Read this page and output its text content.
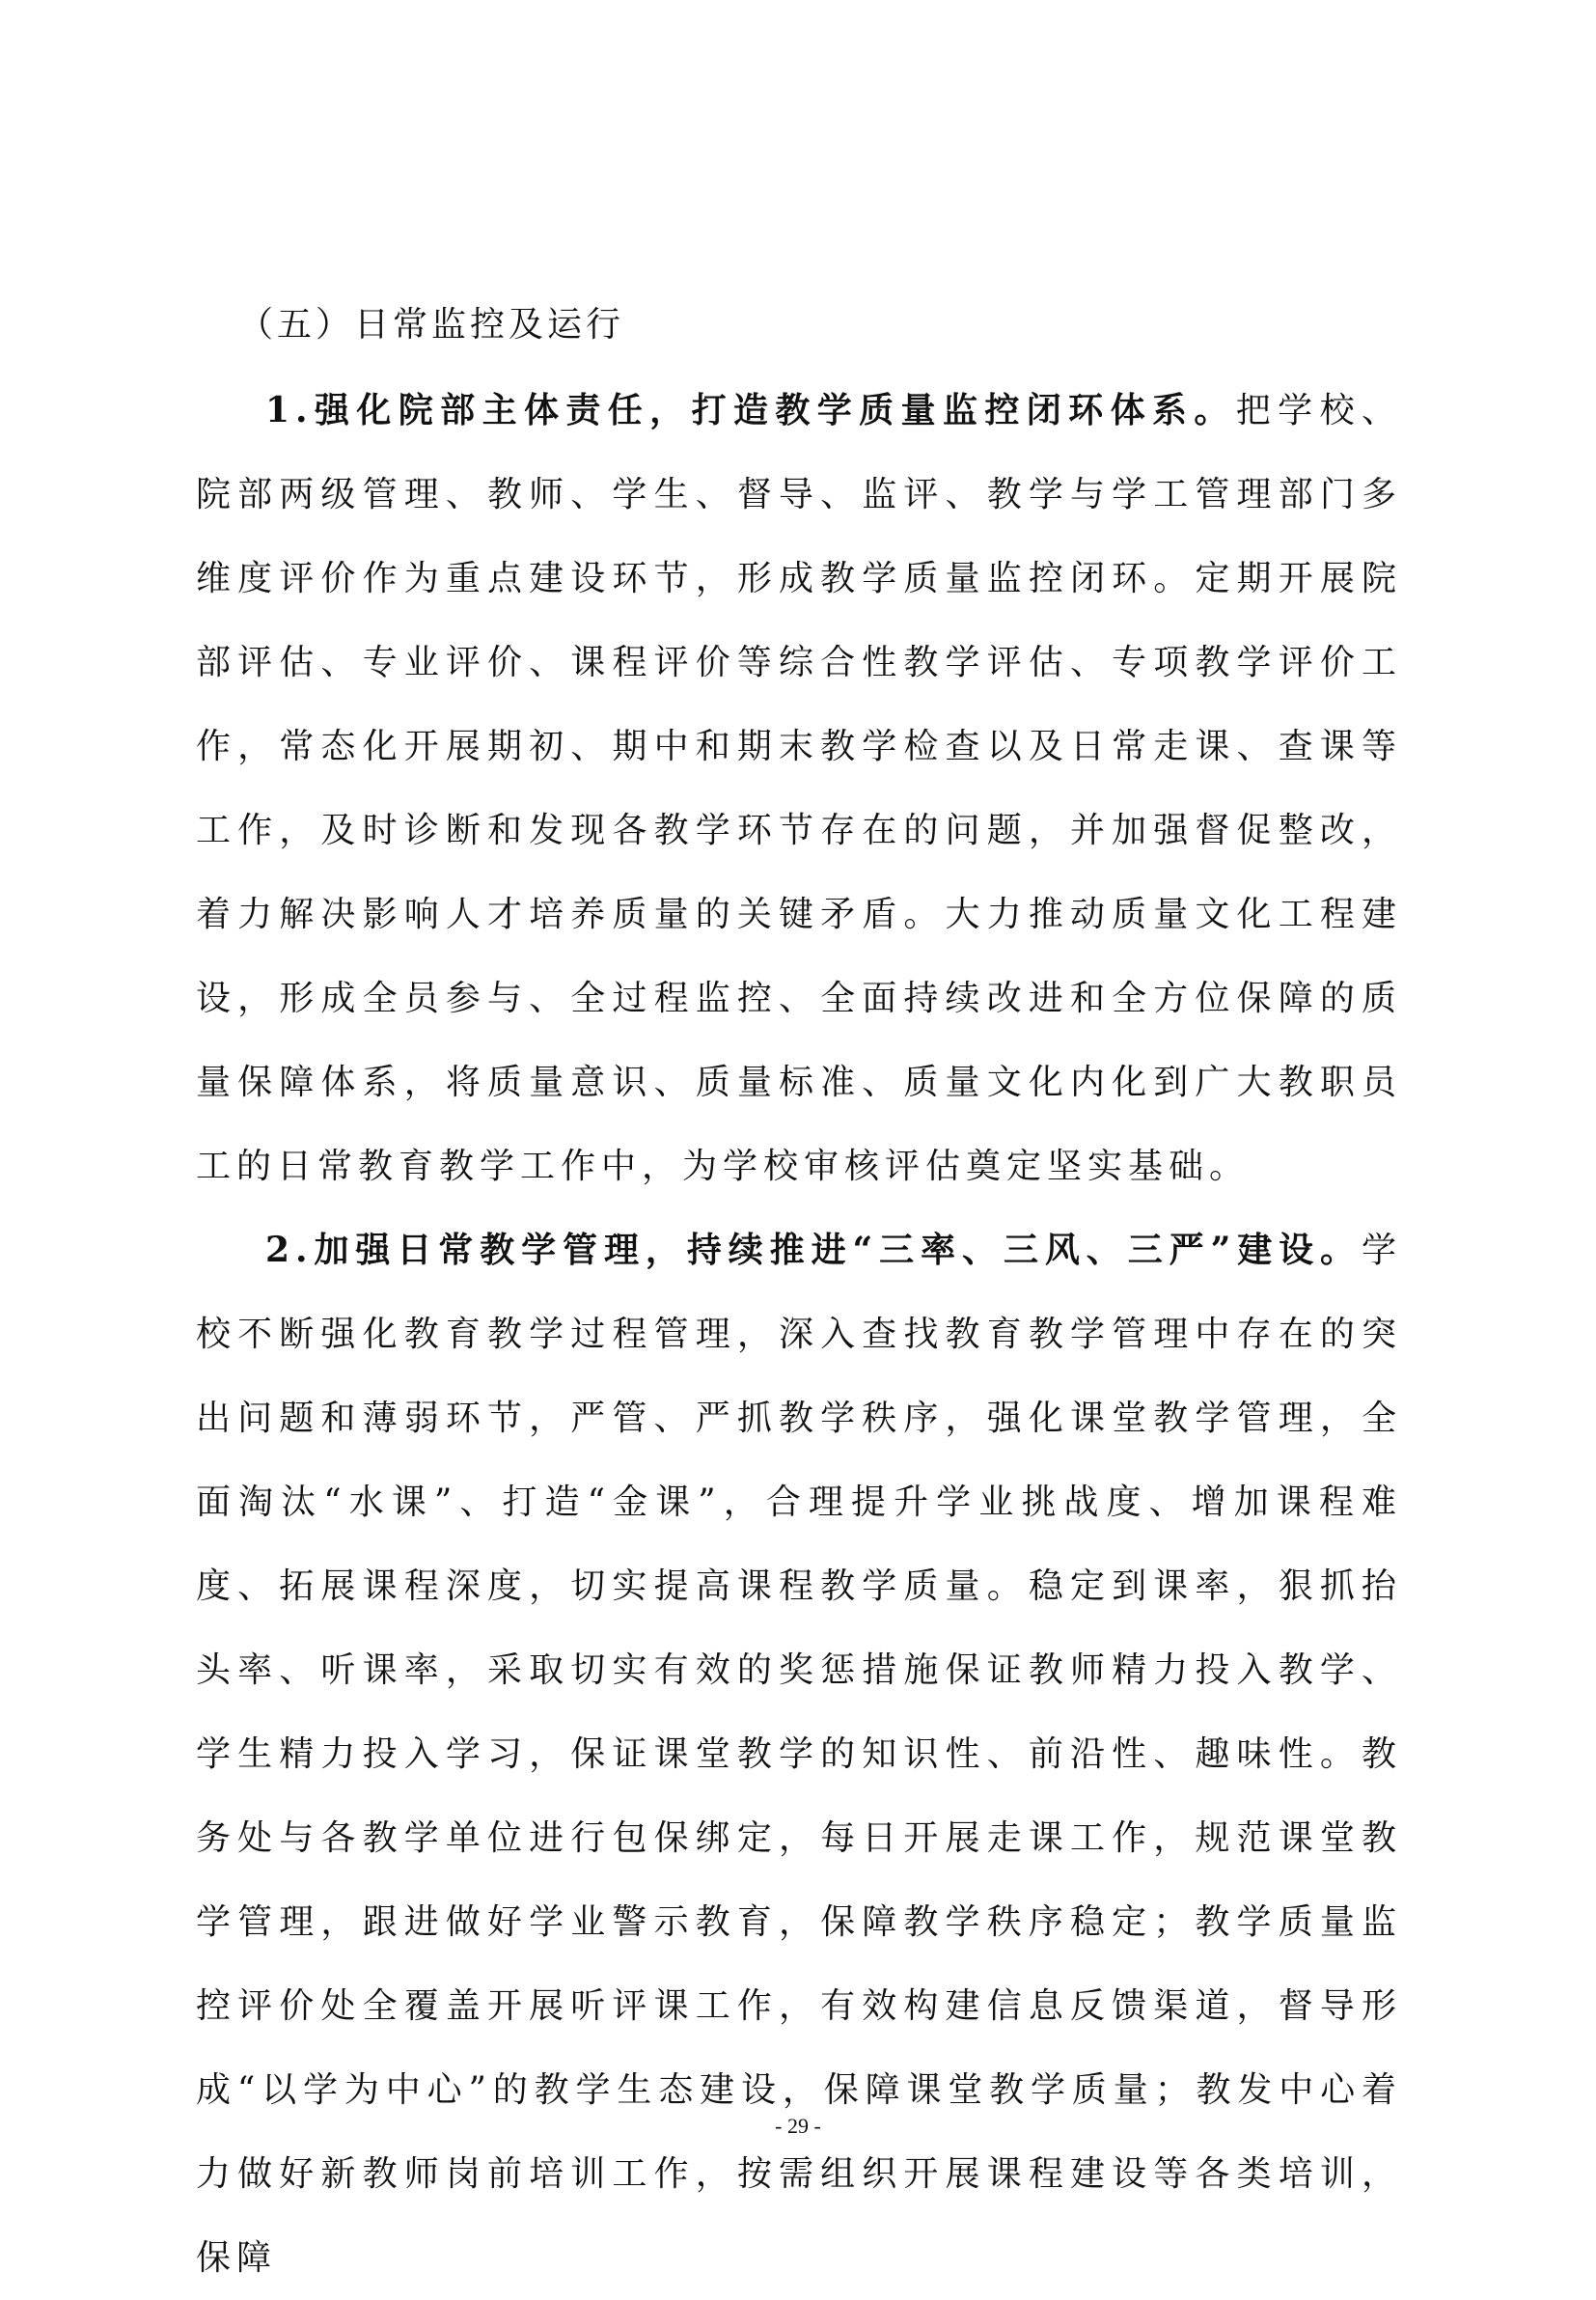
（五）日常监控及运行

1.强化院部主体责任，打造教学质量监控闭环体系。把学校、院部两级管理、教师、学生、督导、监评、教学与学工管理部门多维度评价作为重点建设环节，形成教学质量监控闭环。定期开展院部评估、专业评价、课程评价等综合性教学评估、专项教学评价工作，常态化开展期初、期中和期末教学检查以及日常走课、查课等工作，及时诊断和发现各教学环节存在的问题，并加强督促整改，着力解决影响人才培养质量的关键矛盾。大力推动质量文化工程建设，形成全员参与、全过程监控、全面持续改进和全方位保障的质量保障体系，将质量意识、质量标准、质量文化内化到广大教职员工的日常教育教学工作中，为学校审核评估奠定坚实基础。

2.加强日常教学管理，持续推进“三率、三风、三严”建设。学校不断强化教育教学过程管理，深入查找教育教学管理中存在的突出问题和薄弱环节，严管、严抓教学秩序，强化课堂教学管理，全面淘汰“水课”、打造“金课”，合理提升学业挑战度、增加课程难度、拓展课程深度，切实提高课程教学质量。稳定到课率，狠抓抬头率、听课率，采取切实有效的奖惩措施保证教师精力投入教学、学生精力投入学习，保证课堂教学的知识性、前沿性、趣味性。教务处与各教学单位进行包保绑定，每日开展走课工作，规范课堂教学管理，跟进做好学业警示教育，保障教学秩序稳定；教学质量监控评价处全覆盖开展听评课工作，有效构建信息反馈渠道，督导形成“以学为中心”的教学生态建设，保障课堂教学质量；教发中心着力做好新教师岗前培训工作，按需组织开展课程建设等各类培训，保障

- 29 -
